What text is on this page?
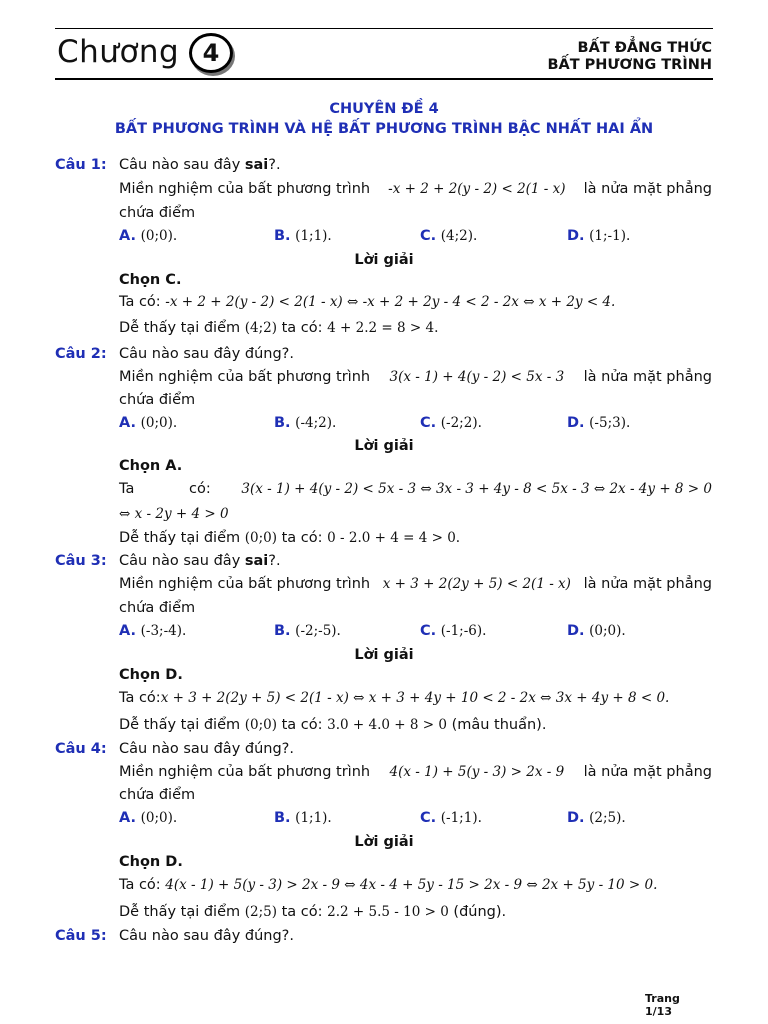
Chương 4	BẤT ĐẲNG THỨC
BẤT PHƯƠNG TRÌNH
CHUYÊN ĐỀ 4
BẤT PHƯƠNG TRÌNH VÀ HỆ BẤT PHƯƠNG TRÌNH BẬC NHẤT HAI ẨN
Câu 1: Câu nào sau đây sai?.
Miền nghiệm của bất phương trình -x + 2 + 2(y - 2) < 2(1 - x) là nửa mặt phẳng
chứa điểm
A. (0;0).	B. (1;1).	C. (4;2).	D. (1;-1).
Lời giải
Chọn C.
Ta có: -x + 2 + 2(y - 2) < 2(1 - x) ⇔ -x + 2 + 2y - 4 < 2 - 2x ⇔ x + 2y < 4.
Dễ thấy tại điểm (4;2) ta có: 4 + 2.2 = 8 > 4.
Câu 2: Câu nào sau đây đúng?.
Miền nghiệm của bất phương trình 3(x - 1) + 4(y - 2) < 5x - 3 là nửa mặt phẳng
chứa điểm
A. (0;0).	B. (-4;2).	C. (-2;2).	D. (-5;3).
Lời giải
Chọn A.
Ta	có: 3(x - 1) + 4(y - 2) < 5x - 3 ⇔ 3x - 3 + 4y - 8 < 5x - 3 ⇔ 2x - 4y + 8 > 0
⇔ x - 2y + 4 > 0
Dễ thấy tại điểm (0;0) ta có: 0 - 2.0 + 4 = 4 > 0.
Câu 3: Câu nào sau đây sai?.
Miền nghiệm của bất phương trình x + 3 + 2(2y + 5) < 2(1 - x) là nửa mặt phẳng
chứa điểm
A. (-3;-4).	B. (-2;-5).	C. (-1;-6).	D. (0;0).
Lời giải
Chọn D.
Ta có:x + 3 + 2(2y + 5) < 2(1 - x) ⇔ x + 3 + 4y + 10 < 2 - 2x ⇔ 3x + 4y + 8 < 0.
Dễ thấy tại điểm (0;0) ta có: 3.0 + 4.0 + 8 > 0 (mâu thuẩn).
Câu 4: Câu nào sau đây đúng?.
Miền nghiệm của bất phương trình 4(x - 1) + 5(y - 3) > 2x - 9 là nửa mặt phẳng
chứa điểm
A. (0;0).	B. (1;1).	C. (-1;1).	D. (2;5).
Lời giải
Chọn D.
Ta có: 4(x - 1) + 5(y - 3) > 2x - 9 ⇔ 4x - 4 + 5y - 15 > 2x - 9 ⇔ 2x + 5y - 10 > 0.
Dễ thấy tại điểm (2;5) ta có: 2.2 + 5.5 - 10 > 0 (đúng).
Câu 5: Câu nào sau đây đúng?.
Trang
1/13
